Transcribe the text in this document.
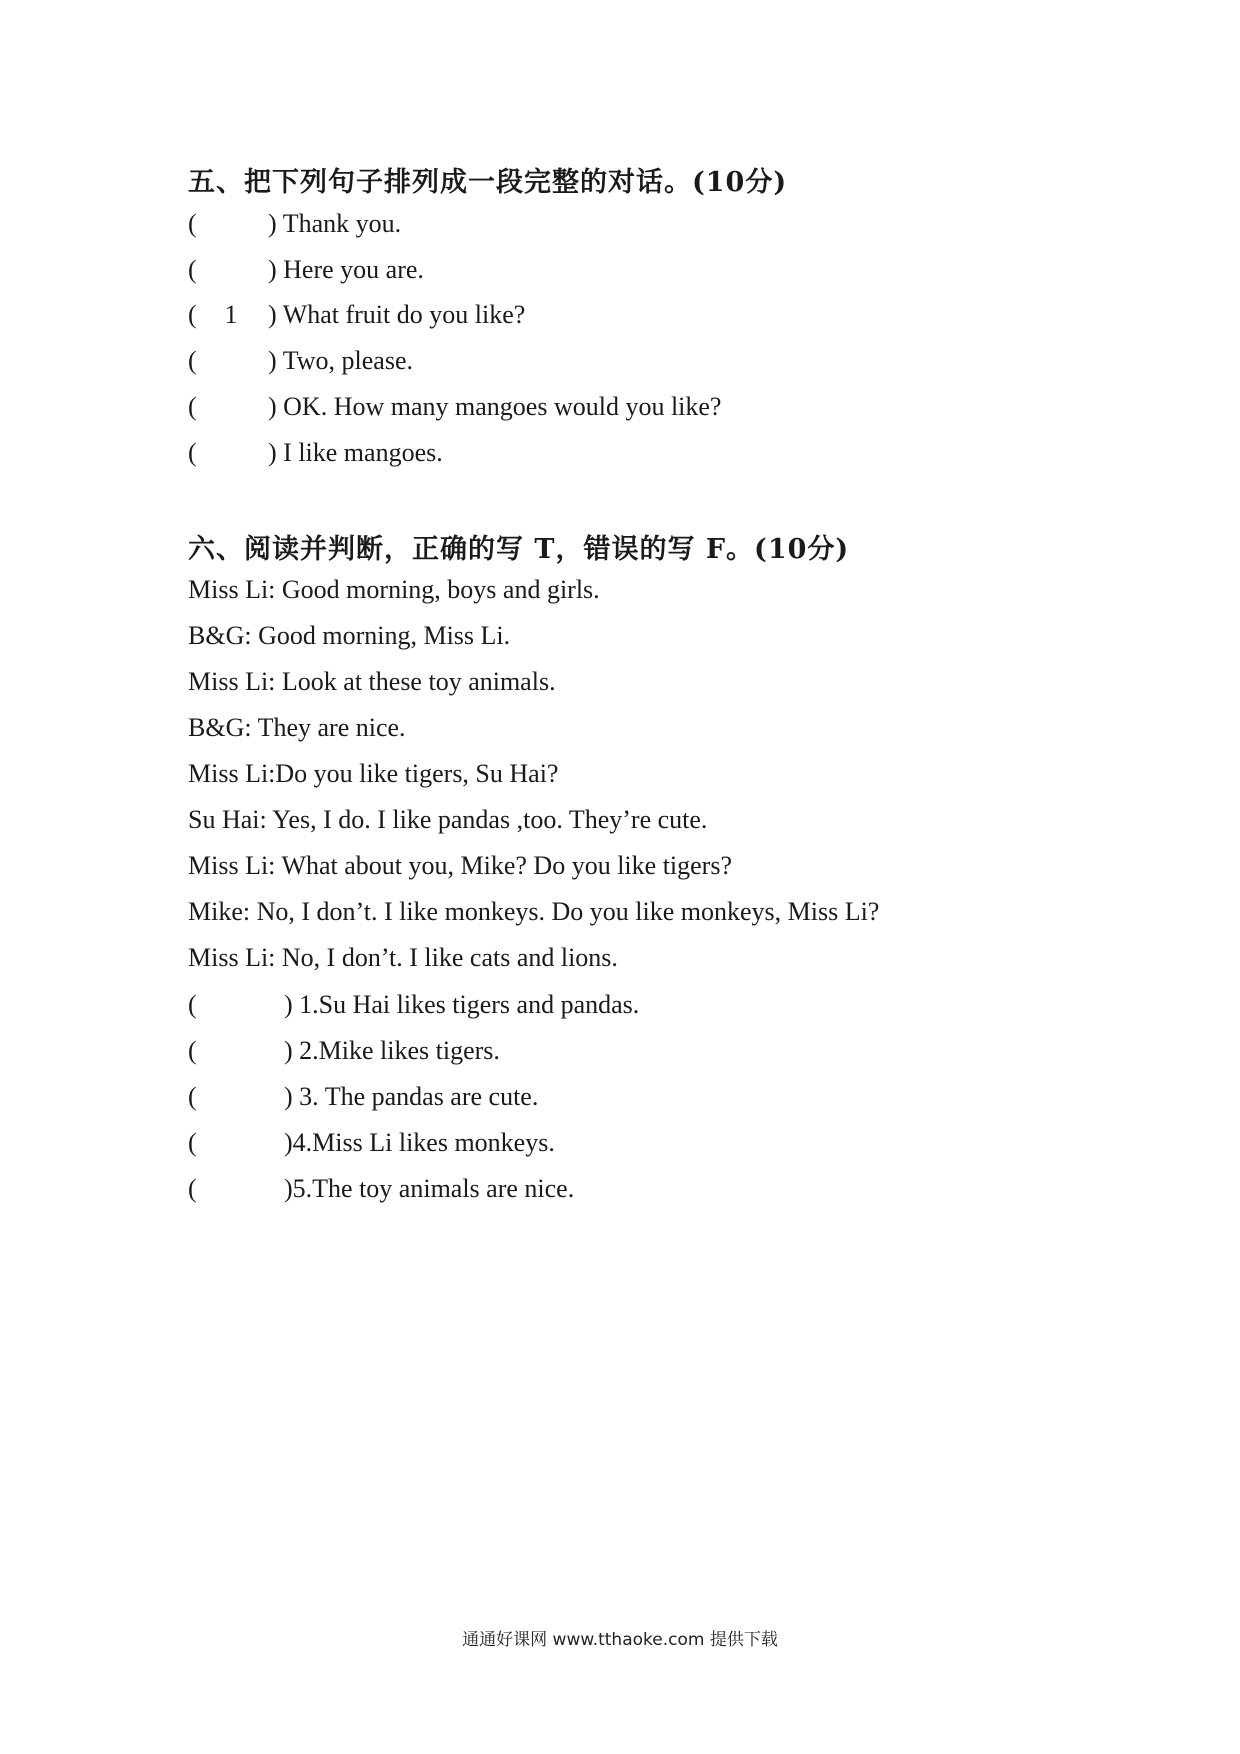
五、把下列句子排列成一段完整的对话。(10分)
(	) Thank you.
(	) Here you are.
(	1	) What fruit do you like?
(	) Two, please.
(	) OK. How many mangoes would you like?
(	) I like mangoes.
六、阅读并判断，正确的写 T，错误的写 F。(10分)
Miss Li: Good morning, boys and girls.
B&G: Good morning, Miss Li.
Miss Li: Look at these toy animals.
B&G: They are nice.
Miss Li:Do you like tigers, Su Hai?
Su Hai: Yes, I do. I like pandas ,too. They’re cute.
Miss Li: What about you, Mike? Do you like tigers?
Mike: No, I don’t. I like monkeys. Do you like monkeys, Miss Li?
Miss Li: No, I don’t. I like cats and lions.
(	) 1.Su Hai likes tigers and pandas.
(	) 2.Mike likes tigers.
(	) 3. The pandas are cute.
(	)4.Miss Li likes monkeys.
(	)5.The toy animals are nice.
通通好课网 www.tthaoke.com 提供下载
